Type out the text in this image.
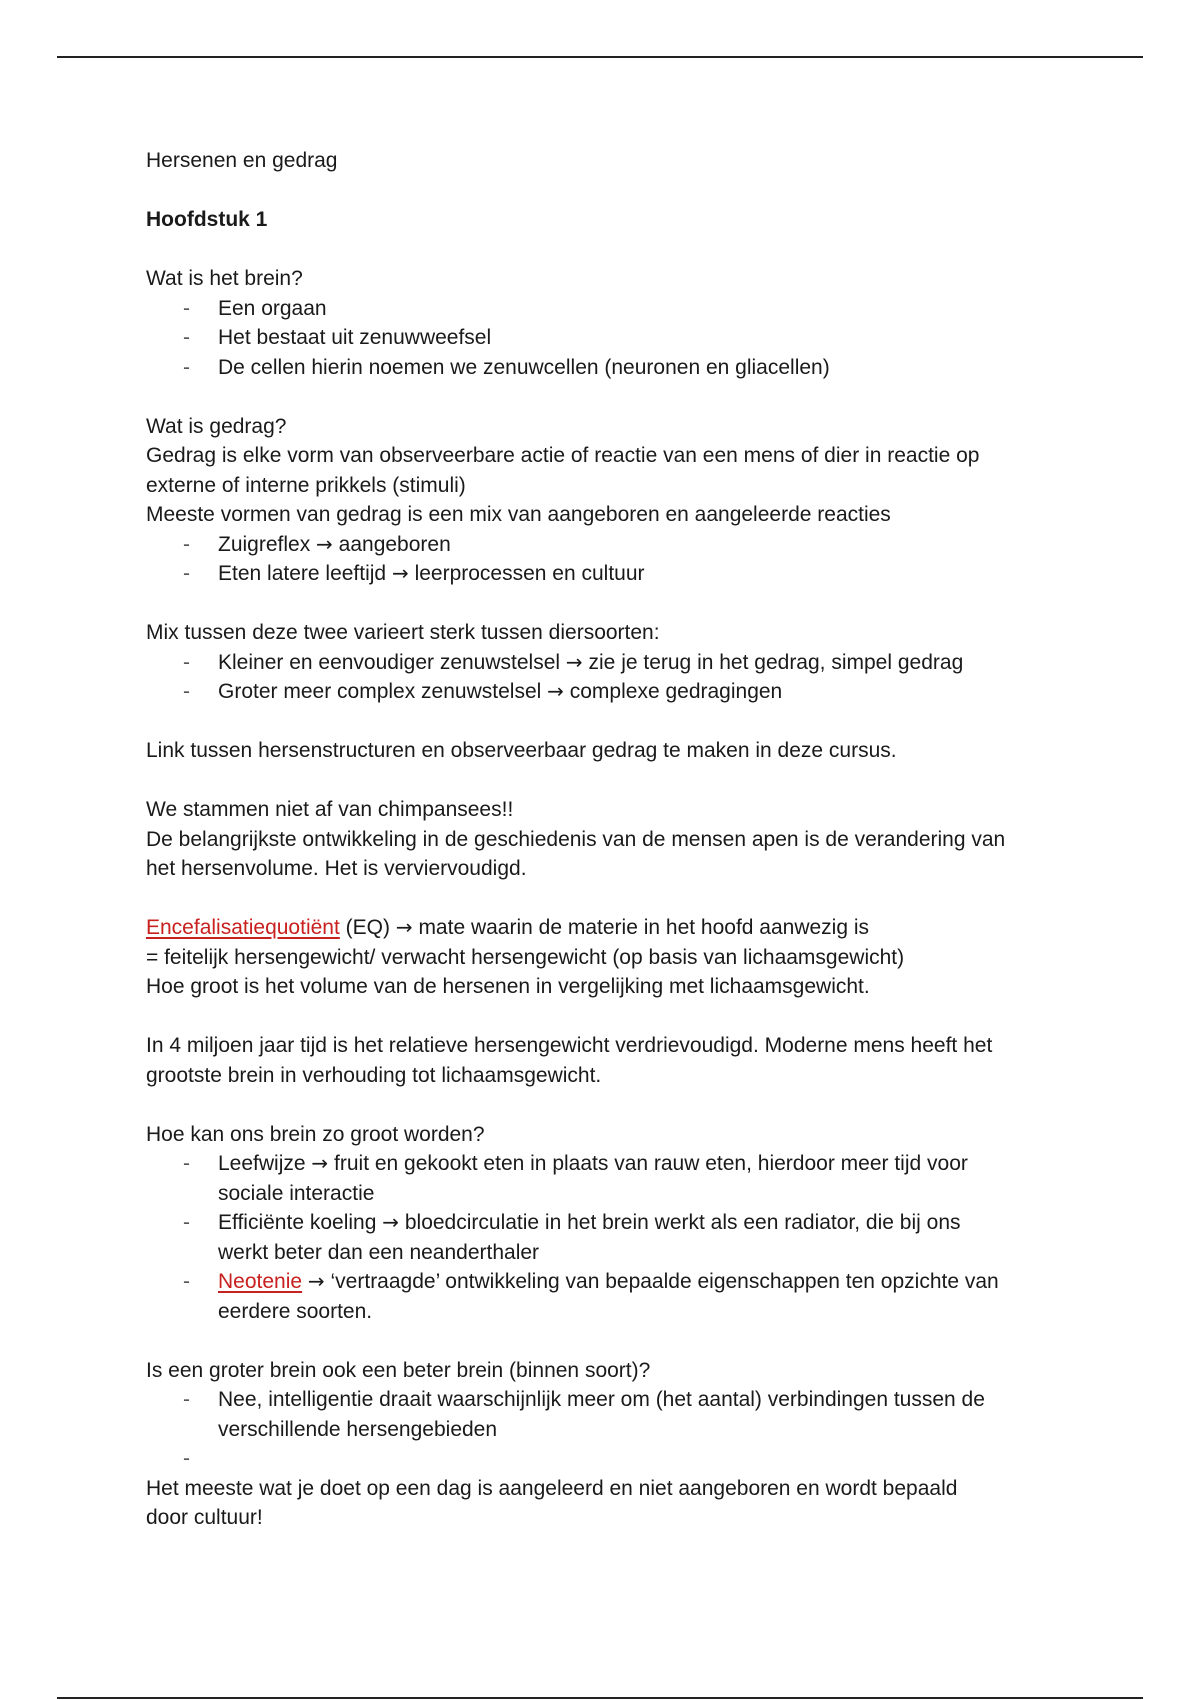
Hersenen en gedrag

Hoofdstuk 1

Wat is het brein?

- Een orgaan
- Het bestaat uit zenuwweefsel
- De cellen hierin noemen we zenuwcellen (neuronen en gliacellen)

Wat is gedrag?

Gedrag is elke vorm van observeerbare actie of reactie van een mens of dier in reactie op

externe of interne prikkels (stimuli)

Meeste vormen van gedrag is een mix van aangeboren en aangeleerde reacties

- Zuigreflex → aangeboren
- Eten latere leeftijd → leerprocessen en cultuur

Mix tussen deze twee varieert sterk tussen diersoorten:

- Kleiner en eenvoudiger zenuwstelsel → zie je terug in het gedrag, simpel gedrag
- Groter meer complex zenuwstelsel → complexe gedragingen

Link tussen hersenstructuren en observeerbaar gedrag te maken in deze cursus.

We stammen niet af van chimpansees!!

De belangrijkste ontwikkeling in de geschiedenis van de mensen apen is de verandering van

het hersenvolume. Het is verviervoudigd.

Encefalisatiequotiënt (EQ) → mate waarin de materie in het hoofd aanwezig is

= feitelijk hersengewicht/ verwacht hersengewicht (op basis van lichaamsgewicht)

Hoe groot is het volume van de hersenen in vergelijking met lichaamsgewicht.

In 4 miljoen jaar tijd is het relatieve hersengewicht verdrievoudigd. Moderne mens heeft het

grootste brein in verhouding tot lichaamsgewicht.

Hoe kan ons brein zo groot worden?

- Leefwijze → fruit en gekookt eten in plaats van rauw eten, hierdoor meer tijd voor
sociale interactie
- Efficiënte koeling → bloedcirculatie in het brein werkt als een radiator, die bij ons
werkt beter dan een neanderthaler
- Neotenie → ‘vertraagde’ ontwikkeling van bepaalde eigenschappen ten opzichte van
eerdere soorten.

Is een groter brein ook een beter brein (binnen soort)?

- Nee, intelligentie draait waarschijnlijk meer om (het aantal) verbindingen tussen de
verschillende hersengebieden
-

Het meeste wat je doet op een dag is aangeleerd en niet aangeboren en wordt bepaald

door cultuur!
